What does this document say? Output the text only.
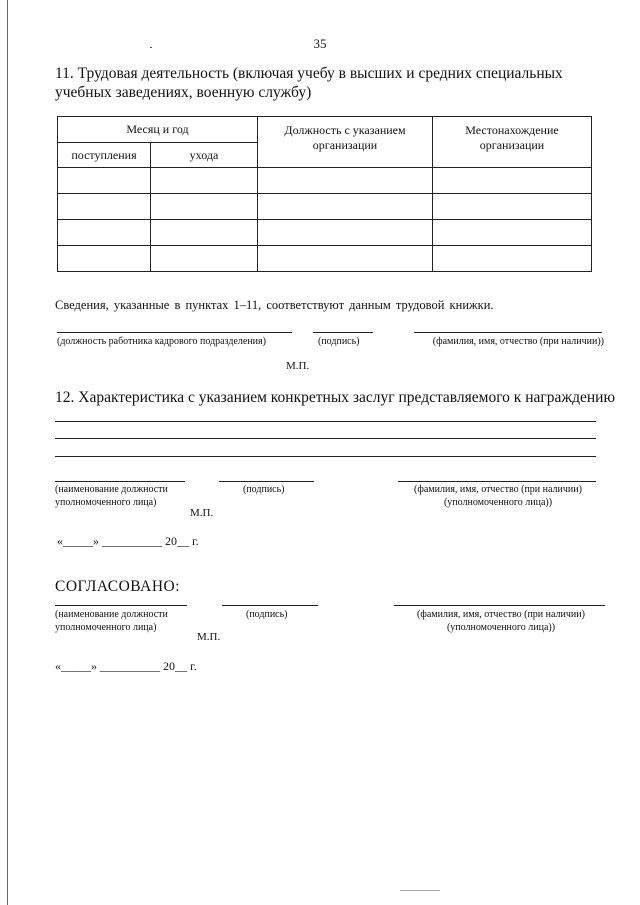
35
11. Трудовая деятельность (включая учебу в высших и средних специальных учебных заведениях, военную службу)
Месяц и год		Должность с указанием организации	Местонахождение организации
поступления	ухода		

Сведения, указанные в пунктах 1–11, соответствуют данным трудовой книжки.
(должность работника кадрового подразделения)	(подпись)	(фамилия, имя, отчество (при наличии))
М.П.
12. Характеристика с указанием конкретных заслуг представляемого к награждению
(наименование должности уполномоченного лица)
(подпись)	(фамилия, имя, отчество (при наличии) (уполномоченного лица))
М.П.
«_____» __________ 20__ г.
СОГЛАСОВАНО:
(наименование должности уполномоченного лица)
(подпись)	(фамилия, имя, отчество (при наличии) (уполномоченного лица))
М.П.
«_____» __________ 20__ г.
